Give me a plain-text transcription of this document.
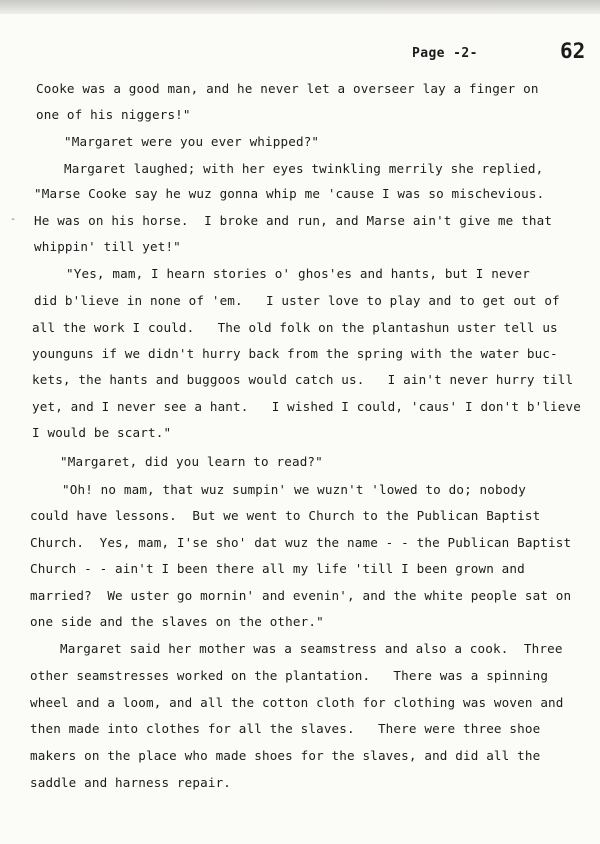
Page -2-	62
-
Cooke was a good man, and he never let a overseer lay a finger on
one of his niggers!"
"Margaret were you ever whipped?"
Margaret laughed; with her eyes twinkling merrily she replied,
"Marse Cooke say he wuz gonna whip me 'cause I was so mischevious.
He was on his horse.  I broke and run, and Marse ain't give me that
whippin' till yet!"
"Yes, mam, I hearn stories o' ghos'es and hants, but I never
did b'lieve in none of 'em.   I uster love to play and to get out of
all the work I could.   The old folk on the plantashun uster tell us
younguns if we didn't hurry back from the spring with the water buc-
kets, the hants and buggoos would catch us.   I ain't never hurry till
yet, and I never see a hant.   I wished I could, 'caus' I don't b'lieve
I would be scart."
"Margaret, did you learn to read?"
"Oh! no mam, that wuz sumpin' we wuzn't 'lowed to do; nobody
could have lessons.  But we went to Church to the Publican Baptist
Church.  Yes, mam, I'se sho' dat wuz the name - - the Publican Baptist
Church - - ain't I been there all my life 'till I been grown and
married?  We uster go mornin' and evenin', and the white people sat on
one side and the slaves on the other."
Margaret said her mother was a seamstress and also a cook.  Three
other seamstresses worked on the plantation.   There was a spinning
wheel and a loom, and all the cotton cloth for clothing was woven and
then made into clothes for all the slaves.   There were three shoe
makers on the place who made shoes for the slaves, and did all the
saddle and harness repair.
